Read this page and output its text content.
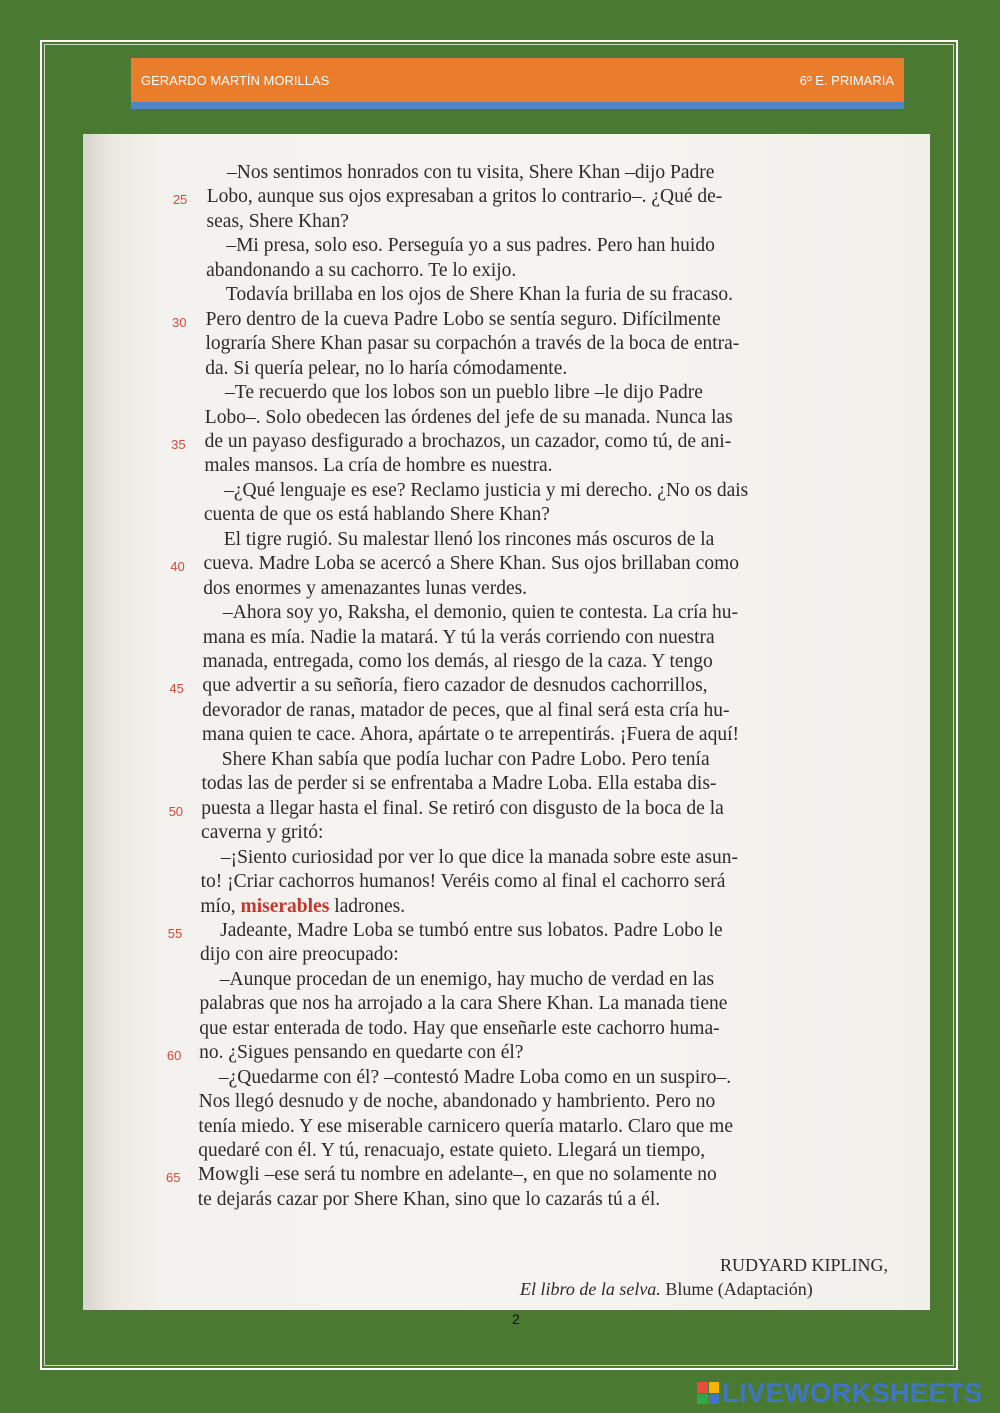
GERARDO MARTÍN MORILLAS	6º E. PRIMARIA
–Nos sentimos honrados con tu visita, Shere Khan –dijo Padre
25 Lobo, aunque sus ojos expresaban a gritos lo contrario–. ¿Qué de-
seas, Shere Khan?
–Mi presa, solo eso. Perseguía yo a sus padres. Pero han huido
abandonando a su cachorro. Te lo exijo.
Todavía brillaba en los ojos de Shere Khan la furia de su fracaso.
30 Pero dentro de la cueva Padre Lobo se sentía seguro. Difícilmente
lograría Shere Khan pasar su corpachón a través de la boca de entra-
da. Si quería pelear, no lo haría cómodamente.
–Te recuerdo que los lobos son un pueblo libre –le dijo Padre
Lobo–. Solo obedecen las órdenes del jefe de su manada. Nunca las
35 de un payaso desfigurado a brochazos, un cazador, como tú, de ani-
males mansos. La cría de hombre es nuestra.
–¿Qué lenguaje es ese? Reclamo justicia y mi derecho. ¿No os dais
cuenta de que os está hablando Shere Khan?
El tigre rugió. Su malestar llenó los rincones más oscuros de la
40 cueva. Madre Loba se acercó a Shere Khan. Sus ojos brillaban como
dos enormes y amenazantes lunas verdes.
–Ahora soy yo, Raksha, el demonio, quien te contesta. La cría hu-
mana es mía. Nadie la matará. Y tú la verás corriendo con nuestra
manada, entregada, como los demás, al riesgo de la caza. Y tengo
45 que advertir a su señoría, fiero cazador de desnudos cachorrillos,
devorador de ranas, matador de peces, que al final será esta cría hu-
mana quien te cace. Ahora, apártate o te arrepentirás. ¡Fuera de aquí!
Shere Khan sabía que podía luchar con Padre Lobo. Pero tenía
todas las de perder si se enfrentaba a Madre Loba. Ella estaba dis-
50 puesta a llegar hasta el final. Se retiró con disgusto de la boca de la
caverna y gritó:
–¡Siento curiosidad por ver lo que dice la manada sobre este asun-
to! ¡Criar cachorros humanos! Veréis como al final el cachorro será
mío, miserables ladrones.
55 Jadeante, Madre Loba se tumbó entre sus lobatos. Padre Lobo le
dijo con aire preocupado:
–Aunque procedan de un enemigo, hay mucho de verdad en las
palabras que nos ha arrojado a la cara Shere Khan. La manada tiene
que estar enterada de todo. Hay que enseñarle este cachorro huma-
60 no. ¿Sigues pensando en quedarte con él?
–¿Quedarme con él? –contestó Madre Loba como en un suspiro–.
Nos llegó desnudo y de noche, abandonado y hambriento. Pero no
tenía miedo. Y ese miserable carnicero quería matarlo. Claro que me
quedaré con él. Y tú, renacuajo, estate quieto. Llegará un tiempo,
65 Mowgli –ese será tu nombre en adelante–, en que no solamente no
te dejarás cazar por Shere Khan, sino que lo cazarás tú a él.
RUDYARD KIPLING,
El libro de la selva. Blume (Adaptación)
2
LIVEWORKSHEETS
